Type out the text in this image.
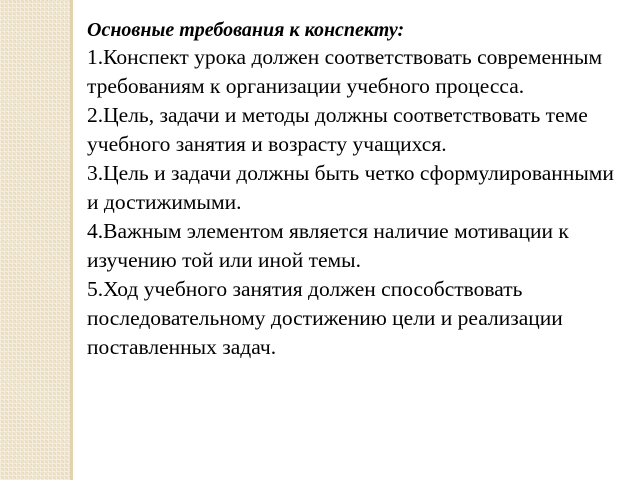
Основные требования к конспекту:

1.Конспект урока должен соответствовать современным требованиям к организации учебного процесса.

2.Цель, задачи и методы должны соответствовать теме учебного занятия и возрасту учащихся.

3.Цель и задачи должны быть четко сформулированными и достижимыми.

4.Важным элементом является наличие мотивации к изучению той или иной темы.

5.Ход учебного занятия должен способствовать последовательному достижению цели и реализации поставленных задач.
